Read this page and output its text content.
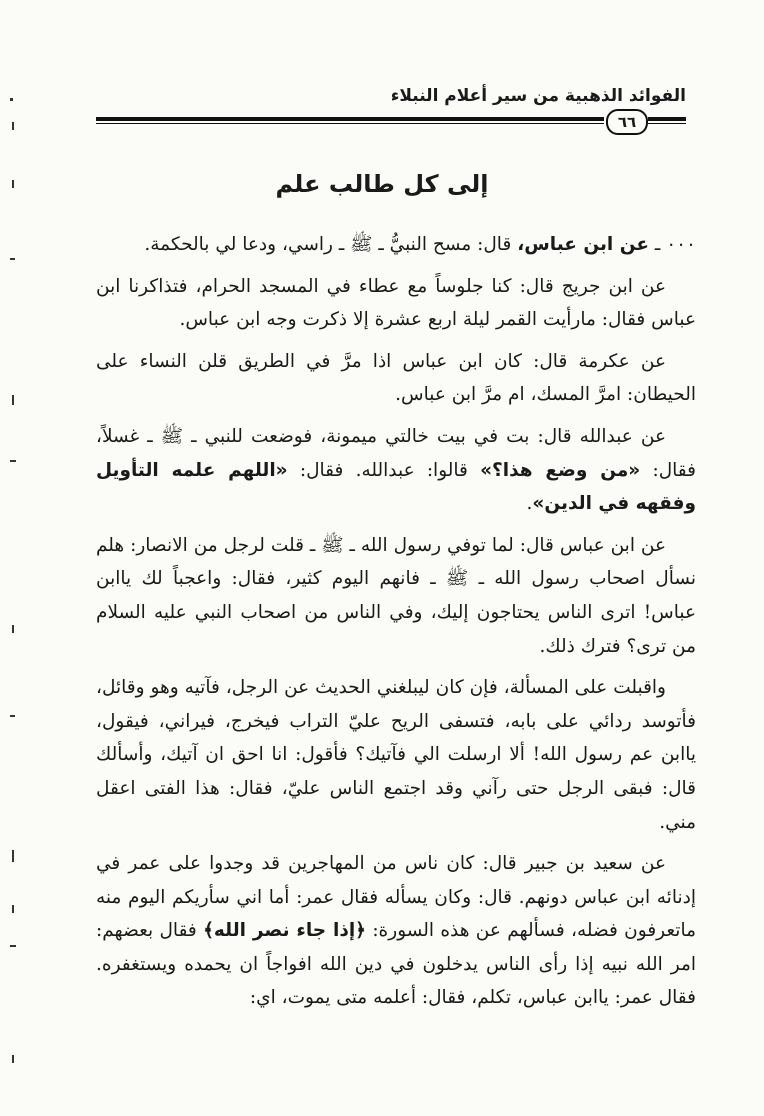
الفوائد الذهبية من سير أعلام النبلاء
٦٦
إلى كل طالب علم

۰۰۰ ـ عن ابن عباس، قال: مسح النبيُّ ـ ﷺ ـ راسي، ودعا لي بالحكمة.

عن ابن جريج قال: كنا جلوساً مع عطاء في المسجد الحرام، فتذاكرنا ابن عباس فقال: مارأيت القمر ليلة اربع عشرة إلا ذكرت وجه ابن عباس.

عن عكرمة قال: كان ابن عباس اذا مرَّ في الطريق قلن النساء على الحيطان: امرَّ المسك، ام مرَّ ابن عباس.

عن عبدالله قال: بت في بيت خالتي ميمونة، فوضعت للنبي ـ ﷺ ـ غسلاً، فقال: «من وضع هذا؟» قالوا: عبدالله. فقال: «اللهم علمه التأويل وفقهه في الدين».

عن ابن عباس قال: لما توفي رسول الله ـ ﷺ ـ قلت لرجل من الانصار: هلم نسأل اصحاب رسول الله ـ ﷺ ـ فانهم اليوم كثير، فقال: واعجباً لك ياابن عباس! اترى الناس يحتاجون إليك، وفي الناس من اصحاب النبي عليه السلام من ترى؟ فترك ذلك.

واقبلت على المسألة، فإن كان ليبلغني الحديث عن الرجل، فآتيه وهو وقائل، فأتوسد ردائي على بابه، فتسفى الريح عليّ التراب فيخرج، فيراني، فيقول، ياابن عم رسول الله! ألا ارسلت الي فآتيك؟ فأقول: انا احق ان آتيك، وأسألك قال: فبقى الرجل حتى رآني وقد اجتمع الناس عليّ، فقال: هذا الفتى اعقل مني.

عن سعيد بن جبير قال: كان ناس من المهاجرين قد وجدوا على عمر في إدنائه ابن عباس دونهم. قال: وكان يسأله فقال عمر: أما اني سأريكم اليوم منه ماتعرفون فضله، فسألهم عن هذه السورة: ﴿إذا جاء نصر الله﴾ فقال بعضهم: امر الله نبيه إذا رأى الناس يدخلون في دين الله افواجاً ان يحمده ويستغفره. فقال عمر: ياابن عباس، تكلم، فقال: أعلمه متى يموت، اي:
